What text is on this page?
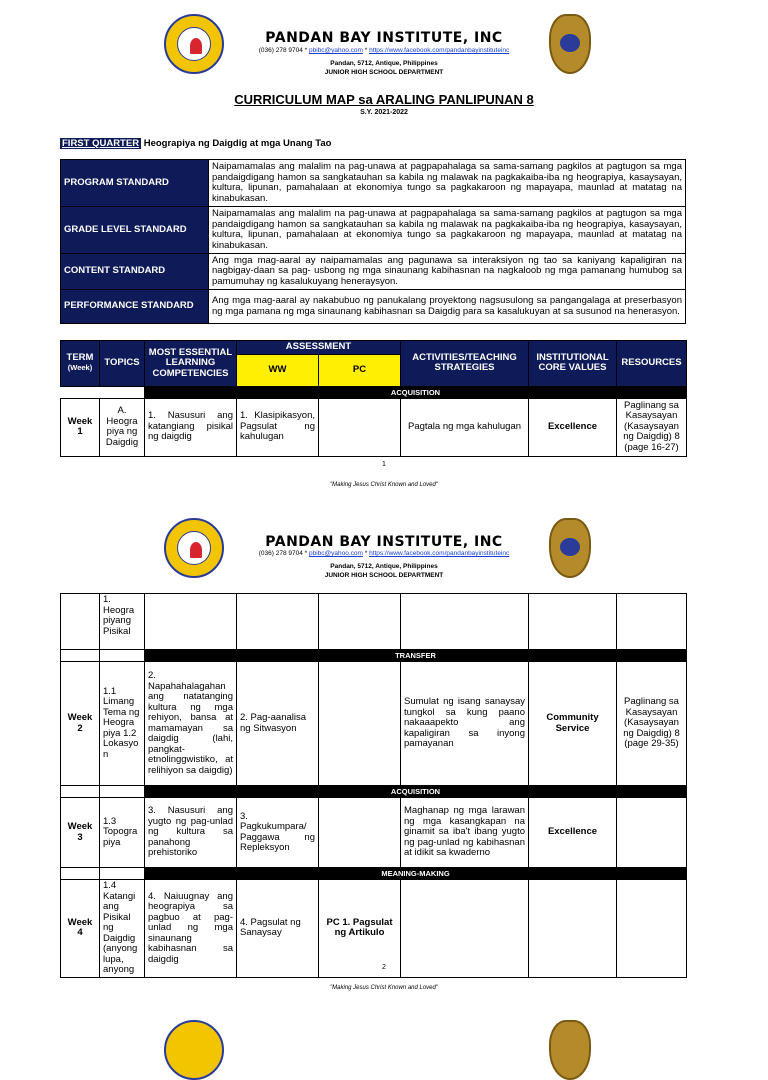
PANDAN BAY INSTITUTE, INC
(036) 278 9704 * pbibc@yahoo.com * https://www.facebook.com/pandanbayinstituteinc
Pandan, 5712, Antique, Philippines
JUNIOR HIGH SCHOOL DEPARTMENT
CURRICULUM MAP sa ARALING PANLIPUNAN 8
S.Y. 2021-2022
FIRST QUARTER Heograpiya ng Daigdig at mga Unang Tao
PROGRAM STANDARD	Naipamamalas ang malalim na pag-unawa at pagpapahalaga sa sama-samang pagkilos at pagtugon sa mga pandaigdigang hamon sa sangkatauhan sa kabila ng malawak na pagkakaiba-iba ng heograpiya, kasaysayan, kultura, lipunan, pamahalaan at ekonomiya tungo sa pagkakaroon ng mapayapa, maunlad at matatag na kinabukasan.
GRADE LEVEL STANDARD	Naipamamalas ang malalim na pag-unawa at pagpapahalaga sa sama-samang pagkilos at pagtugon sa mga pandaigdigang hamon sa sangkatauhan sa kabila ng malawak na pagkakaiba-iba ng heograpiya, kasaysayan, kultura, lipunan, pamahalaan at ekonomiya tungo sa pagkakaroon ng mapayapa, maunlad at matatag na kinabukasan.
CONTENT STANDARD	Ang mga mag-aaral ay naipamamalas ang pagunawa sa interaksiyon ng tao sa kaniyang kapaligiran na nagbigay-daan sa pag- usbong ng mga sinaunang kabihasnan na nagkaloob ng mga pamanang humubog sa pamumuhay ng kasalukuyang heneraysyon.
PERFORMANCE STANDARD	Ang mga mag-aaral ay nakabubuo ng panukalang proyektong nagsusulong sa pangangalaga at preserbasyon ng mga pamana ng mga sinaunang kabihasnan sa Daigdig para sa kasalukuyan at sa susunod na henerasyon.
TERM
(Week)	TOPICS	MOST ESSENTIAL LEARNING COMPETENCIES	ASSESSMENT		ACTIVITIES/TEACHING STRATEGIES	INSTITUTIONAL CORE VALUES	RESOURCES
			WW	PC			
		ACQUISITION					
Week 1	A. Heogra piya ng Daigdig	1. Nasusuri ang katangiang pisikal ng daigdig	1. Klasipikasyon, Pagsulat ng kahulugan		Pagtala ng mga kahulugan	Excellence	Paglinang sa Kasaysayan (Kasaysayan ng Daigdig) 8 (page 16-27)
1
"Making Jesus Christ Known and Loved"
PANDAN BAY INSTITUTE, INC
(036) 278 9704 * pbibc@yahoo.com * https://www.facebook.com/pandanbayinstituteinc
Pandan, 5712, Antique, Philippines
JUNIOR HIGH SCHOOL DEPARTMENT
	1. Heogra piyang Pisikal						
		TRANSFER					
Week 2	1.1 Limang Tema ng Heogra piya 1.2 Lokasyo n	2. Napahahalagahan ang natatanging kultura ng mga rehiyon, bansa at mamamayan sa daigdig (lahi, pangkat-etnolinggwistiko, at relihiyon sa daigdig)	2. Pag-aanalisa ng Sitwasyon		Sumulat ng isang sanaysay tungkol sa kung paano nakaaapekto ang kapaligiran sa inyong pamayanan	Community Service	Paglinang sa Kasaysayan (Kasaysayan ng Daigdig) 8 (page 29-35)
		ACQUISITION					
Week 3	1.3 Topogra piya	3. Nasusuri ang yugto ng pag-unlad ng kultura sa panahong prehistoriko	3. Pagkukumpara/ Paggawa ng Repleksyon		Maghanap ng mga larawan ng mga kasangkapan na ginamit sa iba't ibang yugto ng pag-unlad ng kabihasnan at idikit sa kwaderno	Excellence	
		MEANING-MAKING					
Week 4	1.4 Katangi ang Pisikal ng Daigdig (anyong lupa, anyong	4. Naiuugnay ang heograpiya sa pagbuo at pag-unlad ng mga sinaunang kabihasnan sa daigdig	4. Pagsulat ng Sanaysay	PC 1. Pagsulat ng Artikulo			
2
"Making Jesus Christ Known and Loved"
